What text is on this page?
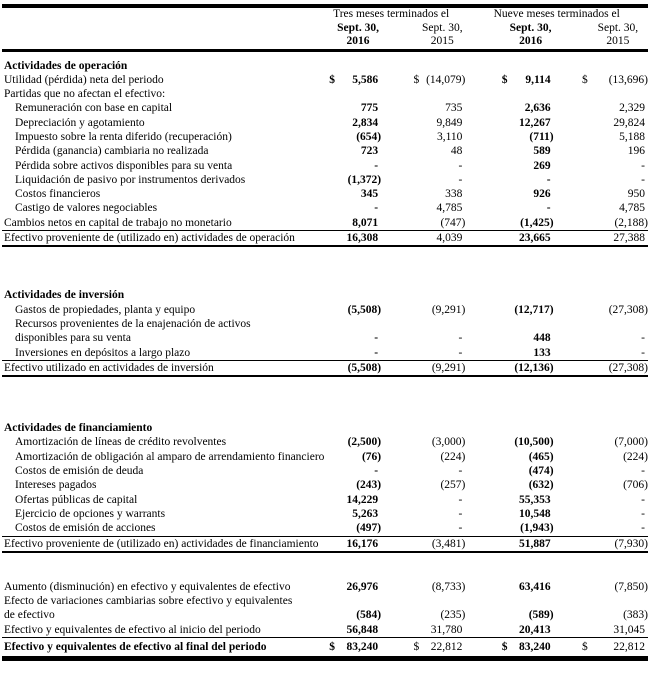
	Tres meses terminados el				Nueve meses terminados el			
		Sept. 30,		Sept. 30,		Sept. 30,		Sept. 30,
		2016		2015		2016		2015

Actividades de operación								
Utilidad (pérdida) neta del periodo	$	5,586	$	(14,079)	$	9,114	$	(13,696)
Partidas que no afectan el efectivo:								
Remuneración con base en capital		775		735		2,636		2,329
Depreciación y agotamiento		2,834		9,849		12,267		29,824
Impuesto sobre la renta diferido (recuperación)		(654)		3,110		(711)		5,188
Pérdida (ganancia) cambiaria no realizada		723		48		589		196
Pérdida sobre activos disponibles para su venta		-		-		269		-
Liquidación de pasivo por instrumentos derivados		(1,372)		-		-		-
Costos financieros		345		338		926		950
Castigo de valores negociables		-		4,785		-		4,785
Cambios netos en capital de trabajo no monetario		8,071		(747)		(1,425)		(2,188)
Efectivo proveniente de (utilizado en) actividades de operación		16,308		4,039		23,665		27,388

Actividades de inversión								
Gastos de propiedades, planta y equipo		(5,508)		(9,291)		(12,717)		(27,308)
Recursos provenientes de la enajenación de activos								
disponibles para su venta		-		-		448		-
Inversiones en depósitos a largo plazo		-		-		133		-
Efectivo utilizado en actividades de inversión		(5,508)		(9,291)		(12,136)		(27,308)

Actividades de financiamiento								
Amortización de líneas de crédito revolventes		(2,500)		(3,000)		(10,500)		(7,000)
Amortización de obligación al amparo de arrendamiento financiero		(76)		(224)		(465)		(224)
Costos de emisión de deuda		-		-		(474)		-
Intereses pagados		(243)		(257)		(632)		(706)
Ofertas públicas de capital		14,229		-		55,353		-
Ejercicio de opciones y warrants		5,263		-		10,548		-
Costos de emisión de acciones		(497)		-		(1,943)		-
Efectivo proveniente de (utilizado en) actividades de financiamiento		16,176		(3,481)		51,887		(7,930)

Aumento (disminución) en efectivo y equivalentes de efectivo		26,976		(8,733)		63,416		(7,850)
Efecto de variaciones cambiarias sobre efectivo y equivalentes								
de efectivo		(584)		(235)		(589)		(383)
Efectivo y equivalentes de efectivo al inicio del periodo		56,848		31,780		20,413		31,045
Efectivo y equivalentes de efectivo al final del periodo	$	83,240	$	22,812	$	83,240	$	22,812
